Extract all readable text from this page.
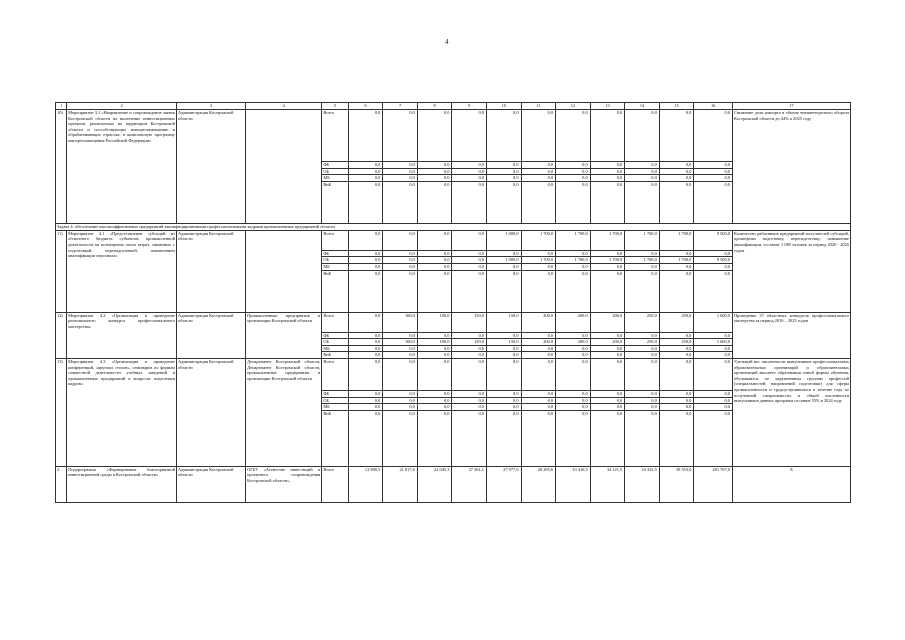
4
1	2	3	4	5	6	7	8	9	10	11	12	13	14	15	16	17
10)	Мероприятие 3.1 «Направление и сопровождение заявок Костромской области на включение инвестиционных проектов, реализуемых на территории Костромской области и способствующих импортозамещению в обрабатывающих отраслях, в комплексную программу импортозамещения Российской Федерации»	Администрация Костромской области		Всего	0,0	0,0	0,0	0,0	0,0	0,0	0,0	0,0	0,0	0,0	0,0	Снижение доли импорта в объеме внешнеторгового оборота Костромской области до 44% к 2025 году
				ФБ	0,0	0,0	0,0	0,0	0,0	0,0	0,0	0,0	0,0	0,0	0,0	
				ОБ	0,0	0,0	0,0	0,0	0,0	0,0	0,0	0,0	0,0	0,0	0,0	
				МБ	0,0	0,0	0,0	0,0	0,0	0,0	0,0	0,0	0,0	0,0	0,0	
				ВнБ	0,0	0,0	0,0	0,0	0,0	0,0	0,0	0,0	0,0	0,0	0,0	
Задача 4: обеспечение высокоэффективных предприятий квалифицированными профессиональными кадрами промышленных предприятий области																
11)	Мероприятие 4.1 «Предоставление субсидий из областного бюджета субъектам промышленной деятельности на возмещение части затрат, связанных с подготовкой, переподготовкой, повышением квалификации персонала»	Администрация Костромской области		Всего	0,0	0,0	0,0	0,0	1 000,0	1 700,0	1 700,0	1 700,0	1 700,0	1 700,0	9 500,0	Количество работников предприятий-получателей субсидий, прошедших подготовку, переподготовку, повышение квалификации, составит 1 085 человек за период 2020 - 2025 годов
				ФБ	0,0	0,0	0,0	0,0	0,0	0,0	0,0	0,0	0,0	0,0	0,0	
				ОБ	0,0	0,0	0,0	0,0	1 000,0	1 700,0	1 700,0	1 700,0	1 700,0	1 700,0	9 500,0	
				МБ	0,0	0,0	0,0	0,0	0,0	0,0	0,0	0,0	0,0	0,0	0,0	
				ВнБ	0,0	0,0	0,0	0,0	0,0	0,0	0,0	0,0	0,0	0,0	0,0	
12)	Мероприятие 4.2 «Организация и проведение регионального конкурса профессионального мастерства»	Администрация Костромской области	Промышленные предприятия и организации Костромской области	Всего	0,0	100,0	100,0	150,0	150,0	200,0	200,0	200,0	250,0	250,0	1 600,0	Проведение 37 областных конкурсов профессионального мастерства за период 2016 – 2025 годов
				ФБ	0,0	0,0	0,0	0,0	0,0	0,0	0,0	0,0	0,0	0,0	0,0	
				ОБ	0,0	100,0	100,0	150,0	150,0	200,0	200,0	200,0	250,0	250,0	1 600,0	
				МБ	0,0	0,0	0,0	0,0	0,0	0,0	0,0	0,0	0,0	0,0	0,0	
				ВнБ	0,0	0,0	0,0	0,0	0,0	0,0	0,0	0,0	0,0	0,0	0,0	
13)	Мероприятие 4.3 «Организация и проведение конференций, «круглых столов», семинаров по формам совместной деятельности учебных заведений и промышленных предприятий в вопросах подготовки кадров»	Администрация Костромской области	Департамент Костромской области, Департамент Костромской области, промышленные предприятия и организации Костромской области	Всего	0,0	0,0	0,0	0,0	0,0	0,0	0,0	0,0	0,0	0,0	0,0	Удельный вес численности выпускников профессиональных образовательных организаций и образовательных организаций высшего образования очной формы обучения, обучавшихся по укрупненным группам профессий (специальностей, направлений подготовки) для сферы промышленности и трудоустроившихся в течение года по полученной специальности, в общей численности выпускников данных программ составит 55% в 2024 году
				ФБ	0,0	0,0	0,0	0,0	0,0	0,0	0,0	0,0	0,0	0,0	0,0	
				ОБ	0,0	0,0	0,0	0,0	0,0	0,0	0,0	0,0	0,0	0,0	0,0	
				МБ	0,0	0,0	0,0	0,0	0,0	0,0	0,0	0,0	0,0	0,0	0,0	
				ВнБ	0,0	0,0	0,0	0,0	0,0	0,0	0,0	0,0	0,0	0,0	0,0	
2.	Подпрограмма «Формирование благоприятной инвестиционной среды в Костромской области»	Администрация Костромской области	ОГБУ «Агентство инвестиций и проектного сопровождения Костромской области»,	Всего	12 890,3	21 817,6	22 045,3	27 261,1	27 977,6	28 285,6	33 416,5	34 121,5	34 333,5	39 553,0	281 707,0	X
